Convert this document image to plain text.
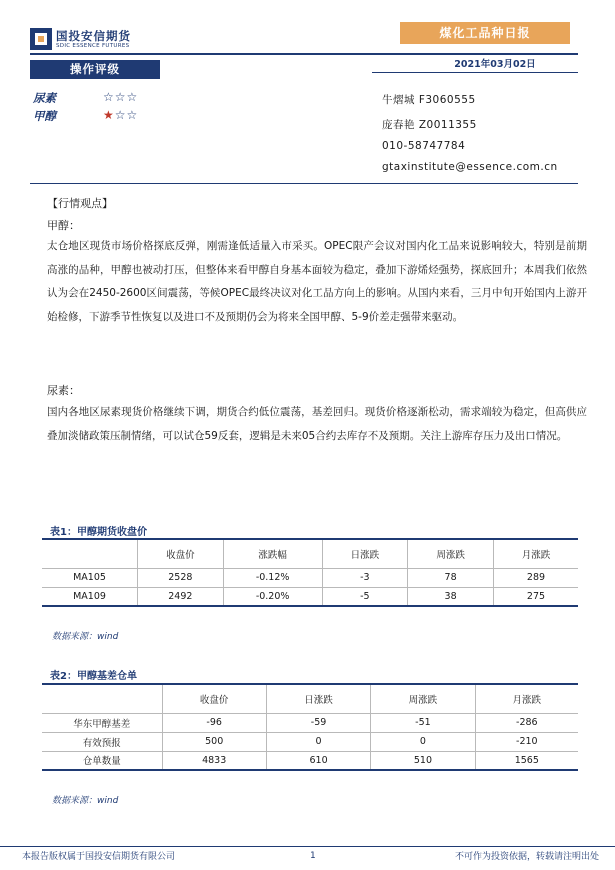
国投安信期货
SDIC ESSENCE FUTURES
煤化工品种日报
2021年03月02日
操作评级
尿素	☆☆☆
甲醇	★☆☆
牛熠城 F3060555
庞春艳 Z0011355
010-58747784
gtaxinstitute@essence.com.cn
【行情观点】
甲醇：
太仓地区现货市场价格探底反弹，刚需逢低适量入市采买。OPEC限产会议对国内化工品来说影响较大，特别是前期高涨的品种，甲醇也被动打压，但整体来看甲醇自身基本面较为稳定，叠加下游烯烃强势，探底回升；本周我们依然认为会在2450-2600区间震荡，等候OPEC最终决议对化工品方向上的影响。从国内来看，三月中旬开始国内上游开始检修，下游季节性恢复以及进口不及预期仍会为将来全国甲醇、5-9价差走强带来驱动。
尿素：
国内各地区尿素现货价格继续下调，期货合约低位震荡，基差回归。现货价格逐渐松动，需求端较为稳定，但高供应叠加淡储政策压制情绪，可以试仓59反套，逻辑是未来05合约去库存不及预期。关注上游库存压力及出口情况。
表1：甲醇期货收盘价
	收盘价	涨跌幅	日涨跌	周涨跌	月涨跌
MA105	2528	-0.12%	-3	78	289
MA109	2492	-0.20%	-5	38	275
数据来源：wind
表2：甲醇基差仓单
	收盘价	日涨跌	周涨跌	月涨跌
华东甲醇基差	-96	-59	-51	-286
有效预报	500	0	0	-210
仓单数量	4833	610	510	1565
数据来源：wind
本报告版权属于国投安信期货有限公司	1	不可作为投资依据，转载请注明出处
